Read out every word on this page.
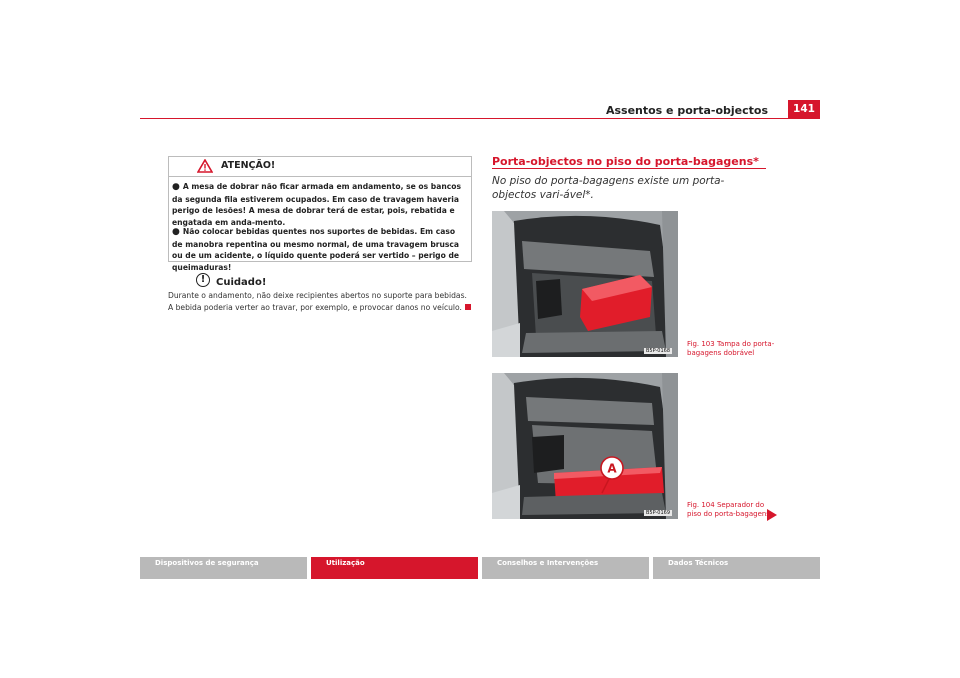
Assentos e porta-objectos	141
ATENÇÃO!
● A mesa de dobrar não ficar armada em andamento, se os bancos da segunda fila estiverem ocupados. Em caso de travagem haveria perigo de lesões! A mesa de dobrar terá de estar, pois, rebatida e engatada em anda-mento.
● Não colocar bebidas quentes nos suportes de bebidas. Em caso de manobra repentina ou mesmo normal, de uma travagem brusca ou de um acidente, o líquido quente poderá ser vertido – perigo de queimaduras!
!	Cuidado!
Durante o andamento, não deixe recipientes abertos no suporte para bebidas. A bebida poderia verter ao travar, por exemplo, e provocar danos no veículo.
Porta-objectos no piso do porta-bagagens*
No piso do porta-bagagens existe um porta-objectos vari-ável*.
B5P-0168
Fig. 103 Tampa do porta-bagagens dobrável
A
B5P-0169
Fig. 104 Separador do piso do porta-bagagens
Dispositivos de segurança	Utilização	Conselhos e Intervenções	Dados Técnicos
